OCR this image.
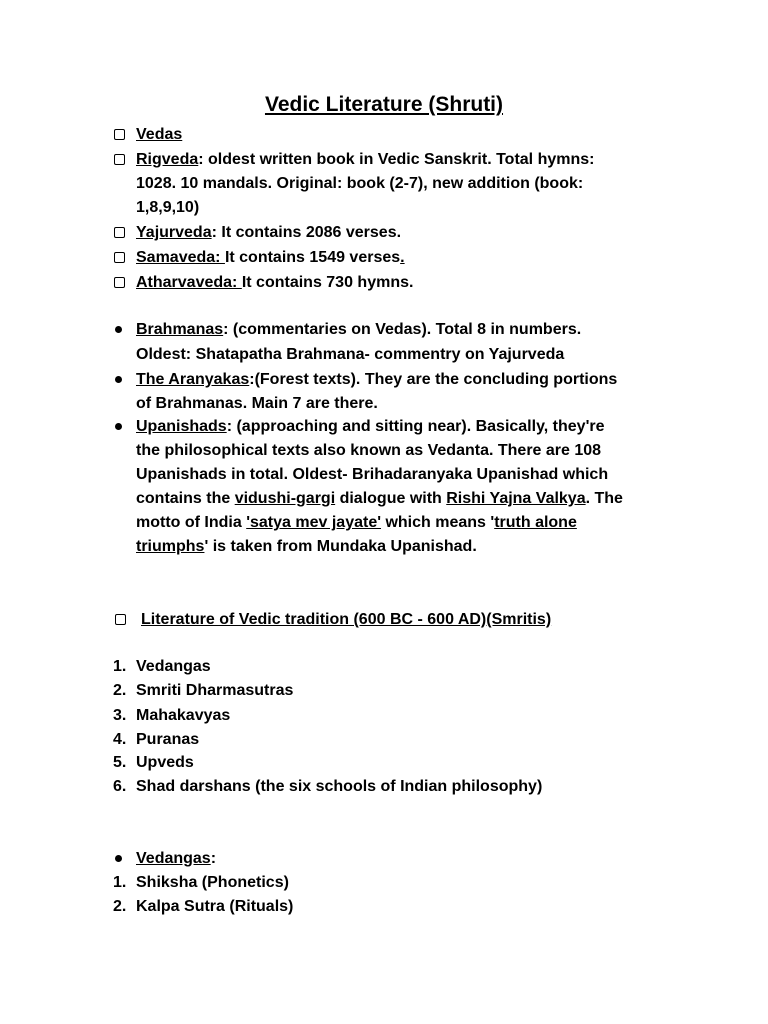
Vedic Literature (Shruti)
Vedas
Rigveda: oldest written book in Vedic Sanskrit. Total hymns:
1028. 10 mandals. Original: book (2-7), new addition (book:
1,8,9,10)
Yajurveda: It contains 2086 verses.
Samaveda: It contains 1549 verses.
Atharvaveda: It contains 730 hymns.
Brahmanas: (commentaries on Vedas). Total 8 in numbers.
Oldest: Shatapatha Brahmana- commentry on Yajurveda
The Aranyakas:(Forest texts). They are the concluding portions
of Brahmanas. Main 7 are there.
Upanishads: (approaching and sitting near). Basically, they're
the philosophical texts also known as Vedanta. There are 108
Upanishads in total. Oldest- Brihadaranyaka Upanishad which
contains the vidushi-gargi dialogue with Rishi Yajna Valkya. The
motto of India 'satya mev jayate' which means 'truth alone
triumphs' is taken from Mundaka Upanishad.
Literature of Vedic tradition (600 BC - 600 AD)(Smritis)
1. Vedangas
2. Smriti Dharmasutras
3. Mahakavyas
4. Puranas
5. Upveds
6. Shad darshans (the six schools of Indian philosophy)
Vedangas:
1. Shiksha (Phonetics)
2. Kalpa Sutra (Rituals)
